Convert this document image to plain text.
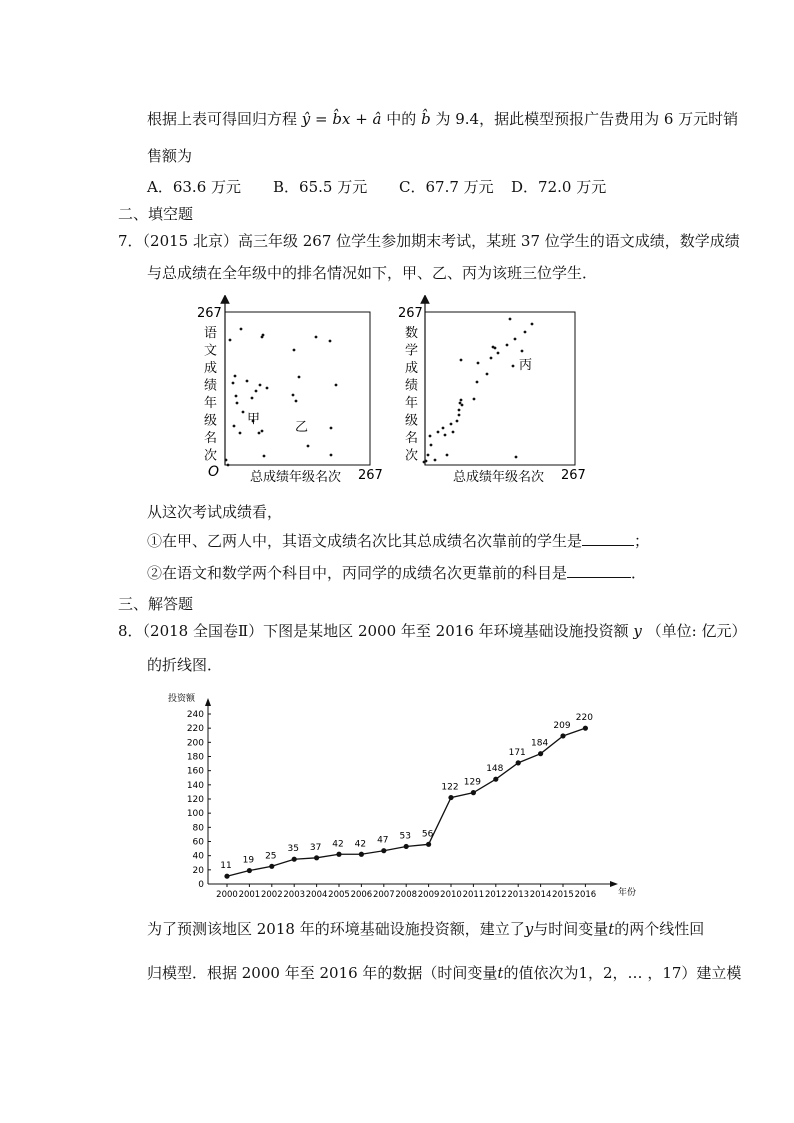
根据上表可得回归方程 ŷ = b̂x + â 中的 b̂ 为 9.4，据此模型预报广告费用为 6 万元时销
售额为
A．63.6 万元 B．65.5 万元 C．67.7 万元 D．72.0 万元
二、填空题
7．（2015 北京）高三年级 267 位学生参加期末考试，某班 37 位学生的语文成绩，数学成绩
与总成绩在全年级中的排名情况如下，甲、乙、丙为该班三位学生．
267
O 总成绩年级名次 267
语
文
成
绩
年
级
名
次
甲
乙
267
总成绩年级名次 267
数
学
成
绩
年
级
名
次
丙
从这次考试成绩看，
①在甲、乙两人中，其语文成绩名次比其总成绩名次靠前的学生是	；
②在语文和数学两个科目中，丙同学的成绩名次更靠前的科目是	．
三、解答题
8．（2018 全国卷Ⅱ）下图是某地区 2000 年至 2016 年环境基础设施投资额 y （单位: 亿元）
的折线图．
投资额
年份
0
20
40
60
80
100
120
140
160
180
200
220
240
2000 2001 2002 2003 2004 2005 2006 2007 2008 2009 2010 2011 2012 2013 2014 2015 2016
11
19 25
35 37 42 42 47 53 56
122 129
148
171
184
209
220
为了预测该地区 2018 年的环境基础设施投资额，建立了y与时间变量t的两个线性回
归模型．根据 2000 年至 2016 年的数据（时间变量t的值依次为1，2，… ，17）建立模
